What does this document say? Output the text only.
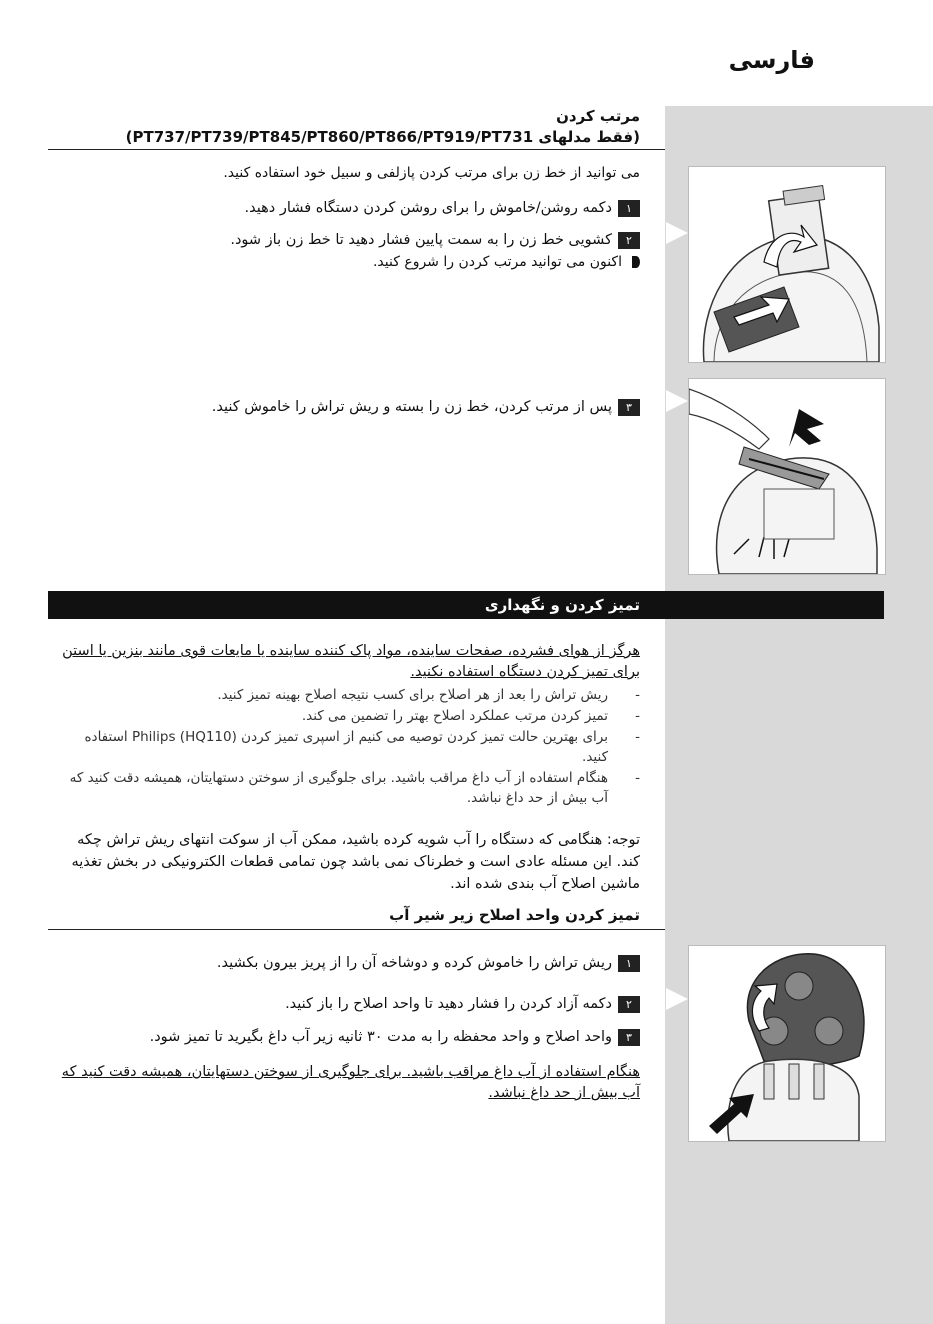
فارسی
مرتب کردن
(فقط مدلهای PT737/PT739/PT845/PT860/PT866/PT919/PT731)
می توانید از خط زن برای مرتب کردن پازلفی و سبیل خود استفاده کنید.
۱دکمه روشن/خاموش را برای روشن کردن دستگاه فشار دهید.
۲کشویی خط زن را به سمت پایین فشار دهید تا خط زن باز شود.
اکنون می توانید مرتب کردن را شروع کنید.
۳پس از مرتب کردن، خط زن را بسته و ریش تراش را خاموش کنید.
تمیز کردن و نگهداری
هرگز از هوای فشرده، صفحات ساینده، مواد پاک کننده ساینده یا مایعات قوی مانند بنزین یا استن برای تمیز کردن دستگاه استفاده نکنید.
- ریش تراش را بعد از هر اصلاح برای کسب نتیجه اصلاح بهینه تمیز کنید.
- تمیز کردن مرتب عملکرد اصلاح بهتر را تضمین می کند.
- برای بهترین حالت تمیز کردن توصیه می کنیم از اسپری تمیز کردن Philips (HQ110) استفاده کنید.
- هنگام استفاده از آب داغ مراقب باشید. برای جلوگیری از سوختن دستهایتان، همیشه دقت کنید که آب بیش از حد داغ نباشد.
توجه: هنگامی که دستگاه را آب شویه کرده باشید، ممکن آب از سوکت انتهای ریش تراش چکه کند. این مسئله عادی است و خطرناک نمی باشد چون تمامی قطعات الکترونیکی در بخش تغذیه ماشین اصلاح آب بندی شده اند.
تمیز کردن واحد اصلاح زیر شیر آب
۱ریش تراش را خاموش کرده و دوشاخه آن را از پریز بیرون بکشید.
۲دکمه آزاد کردن را فشار دهید تا واحد اصلاح را باز کنید.
۳واحد اصلاح و واحد محفظه را به مدت ۳۰ ثانیه زیر آب داغ بگیرید تا تمیز شود.
هنگام استفاده از آب داغ مراقب باشید. برای جلوگیری از سوختن دستهایتان، همیشه دقت کنید که آب بیش از حد داغ نباشد.
